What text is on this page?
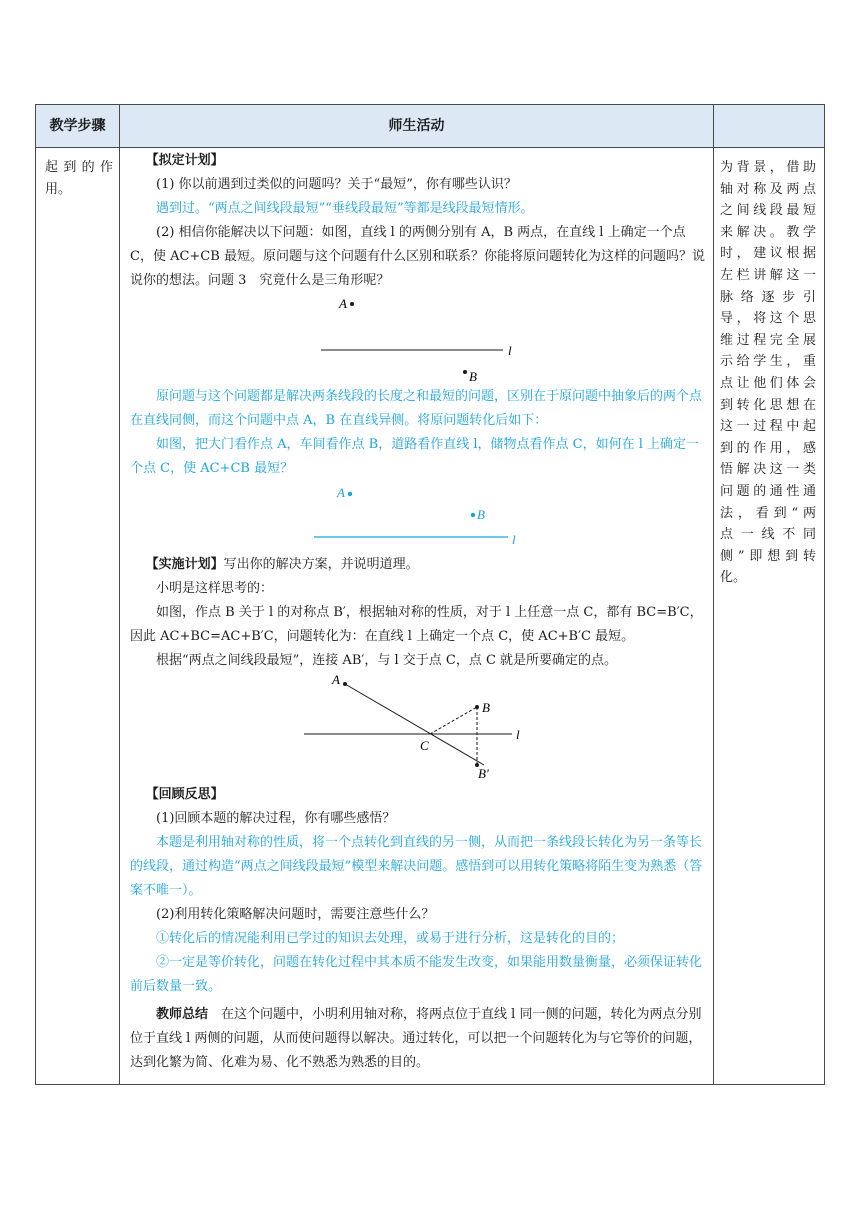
教学步骤	师生活动
起到的作
用。
为背景，借助
轴对称及两点
之间线段最短
来解决。教学
时，建议根据
左栏讲解这一
脉络逐步引
导，将这个思
维过程完全展
示给学生，重
点让他们体会
到转化思想在
这一过程中起
到的作用，感
悟解决这一类
问题的通性通
法，看到“两
点一线不同
侧”即想到转
化。

【拟定计划】

(1) 你以前遇到过类似的问题吗？关于“最短”，你有哪些认识？

遇到过。“两点之间线段最短”“垂线段最短”等都是线段最短情形。

(2) 相信你能解决以下问题：如图，直线 l 的两侧分别有 A，B 两点，在直线 l 上确定一个点 C，使 AC+CB 最短。原问题与这个问题有什么区别和联系？你能将原问题转化为这样的问题吗？说说你的想法。问题 3　究竟什么是三角形呢？

A
l
B

原问题与这个问题都是解决两条线段的长度之和最短的问题，区别在于原问题中抽象后的两个点在直线同侧，而这个问题中点 A，B 在直线异侧。将原问题转化后如下：

如图，把大门看作点 A，车间看作点 B，道路看作直线 l，储物点看作点 C，如何在 l 上确定一个点 C，使 AC+CB 最短？

A
B
l

【实施计划】写出你的解决方案，并说明道理。

小明是这样思考的：

如图，作点 B 关于 l 的对称点 B′，根据轴对称的性质，对于 l 上任意一点 C，都有 BC=B′C，因此 AC+BC=AC+B′C，问题转化为：在直线 l 上确定一个点 C，使 AC+B′C 最短。

根据“两点之间线段最短”，连接 AB′，与 l 交于点 C，点 C 就是所要确定的点。

A
l
B
C
B′

【回顾反思】

(1)回顾本题的解决过程，你有哪些感悟？

本题是利用轴对称的性质，将一个点转化到直线的另一侧，从而把一条线段长转化为另一条等长的线段，通过构造“两点之间线段最短”模型来解决问题。感悟到可以用转化策略将陌生变为熟悉（答案不唯一）。

(2)利用转化策略解决问题时，需要注意些什么？

①转化后的情况能利用已学过的知识去处理，或易于进行分析，这是转化的目的；

②一定是等价转化，问题在转化过程中其本质不能发生改变，如果能用数量衡量，必须保证转化前后数量一致。

教师总结　 在这个问题中，小明利用轴对称，将两点位于直线 l 同一侧的问题，转化为两点分别位于直线 l 两侧的问题，从而使问题得以解决。通过转化，可以把一个问题转化为与它等价的问题，达到化繁为简、化难为易、化不熟悉为熟悉的目的。
